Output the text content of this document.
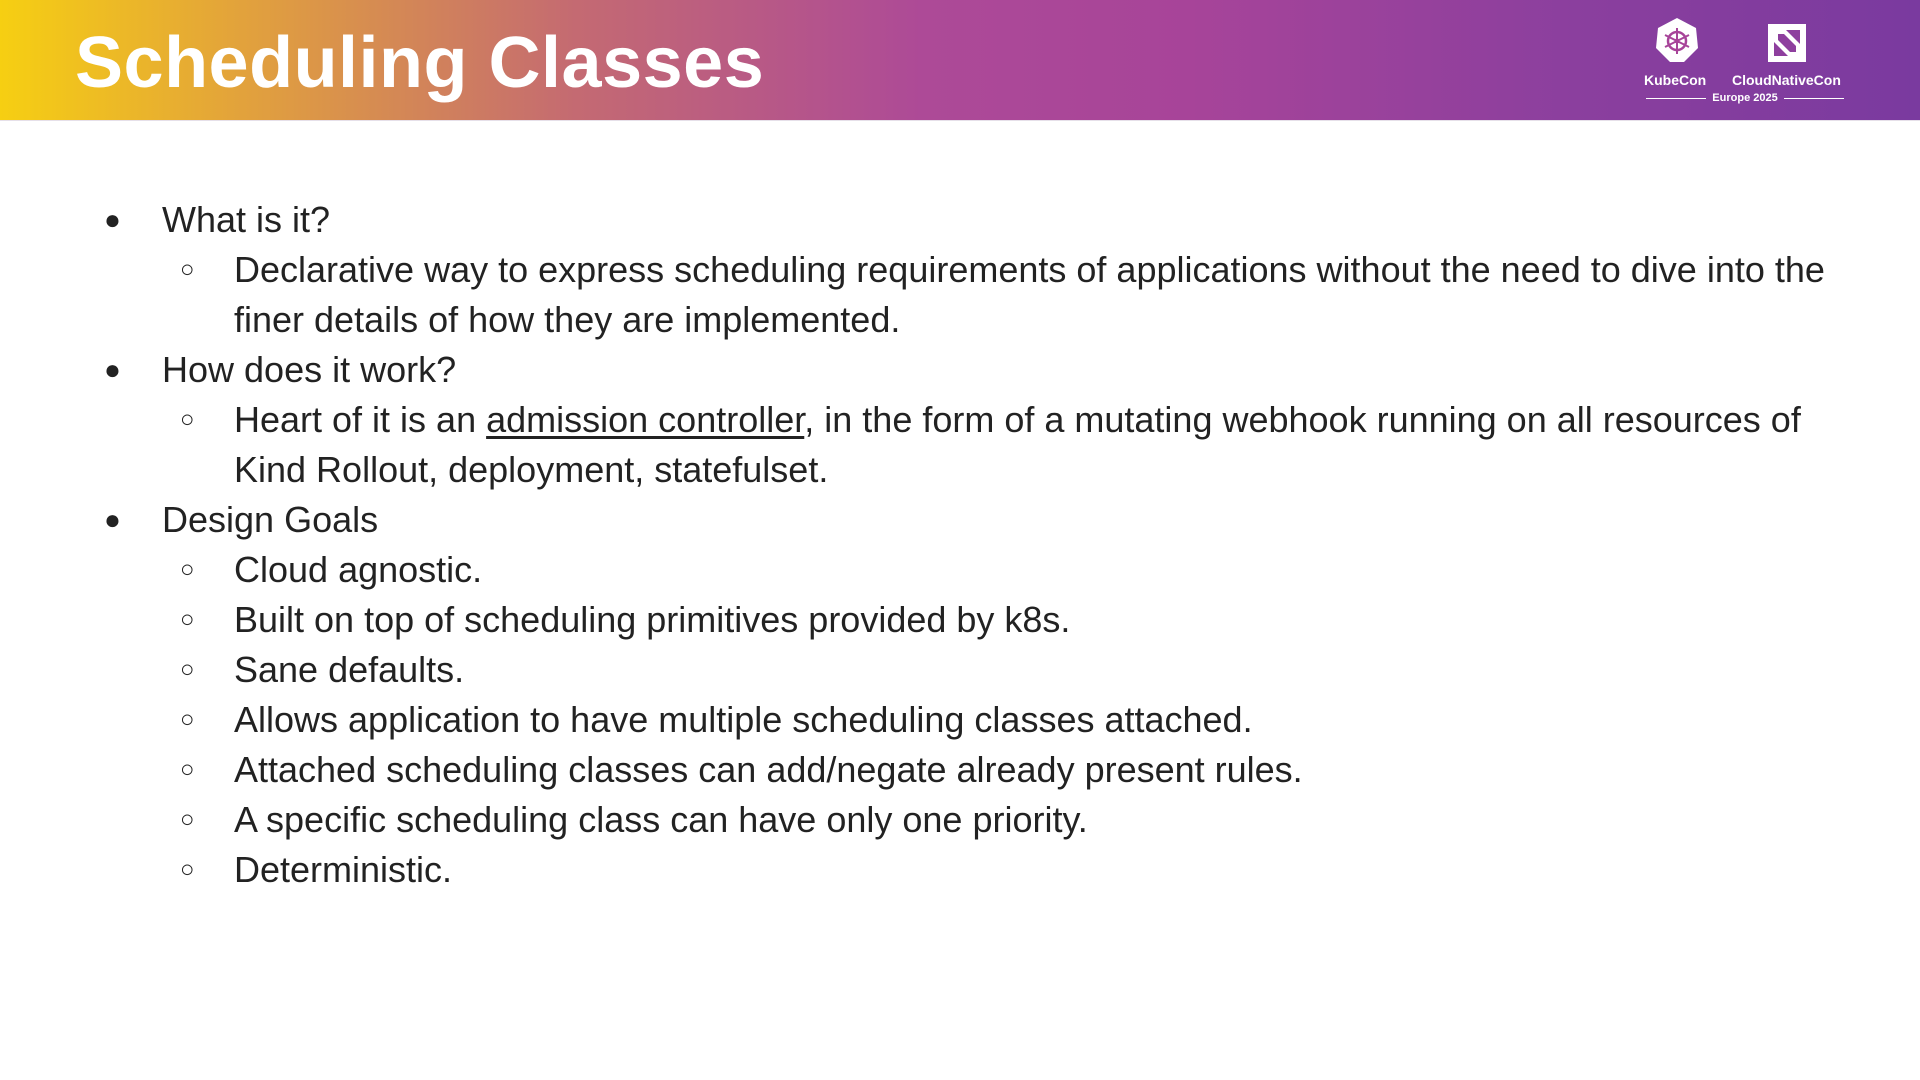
Scheduling Classes	KubeCon CloudNativeCon
Europe 2025
● What is it?
○ Declarative way to express scheduling requirements of applications without the need to dive into the finer details of how they are implemented.
● How does it work?
○ Heart of it is an admission controller, in the form of a mutating webhook running on all resources of Kind Rollout, deployment, statefulset.
● Design Goals
○ Cloud agnostic.
○ Built on top of scheduling primitives provided by k8s.
○ Sane defaults.
○ Allows application to have multiple scheduling classes attached.
○ Attached scheduling classes can add/negate already present rules.
○ A specific scheduling class can have only one priority.
○ Deterministic.
